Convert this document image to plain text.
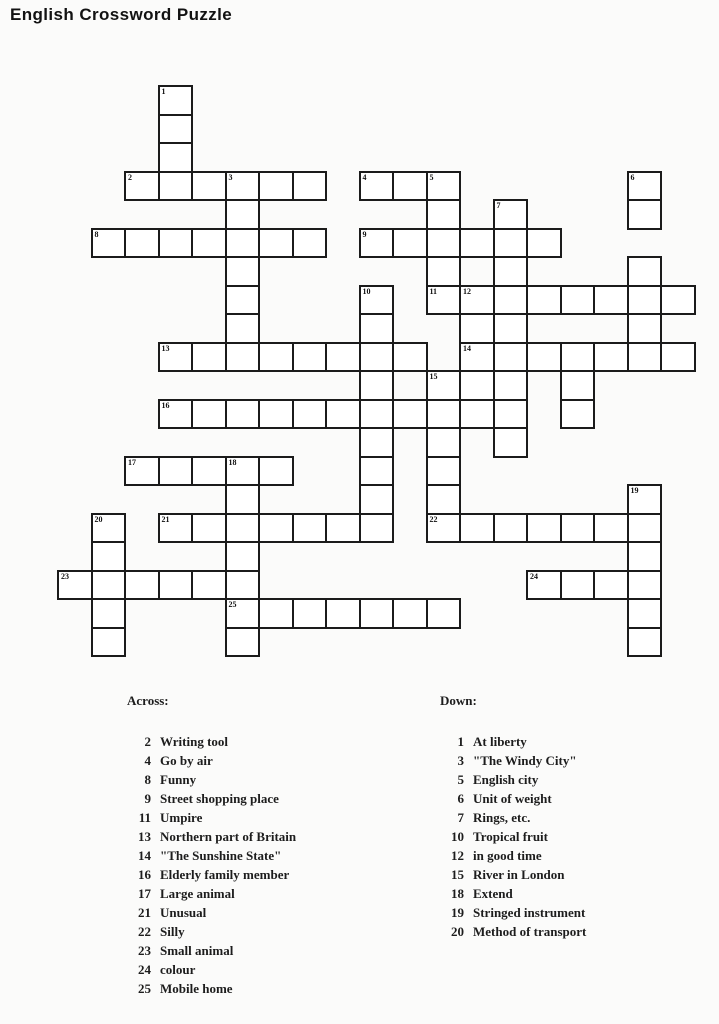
English Crossword Puzzle
1
2	3	4	5	6
7
8	9
10	11	12
13	14
15
16
17	18
19
20	21	22
23	24
25
Across:
2 Writing tool
4 Go by air
8 Funny
9 Street shopping place
11 Umpire
13 Northern part of Britain
14 "The Sunshine State"
16 Elderly family member
17 Large animal
21 Unusual
22 Silly
23 Small animal
24 colour
25 Mobile home
Down:
1 At liberty
3 "The Windy City"
5 English city
6 Unit of weight
7 Rings, etc.
10 Tropical fruit
12 in good time
15 River in London
18 Extend
19 Stringed instrument
20 Method of transport
